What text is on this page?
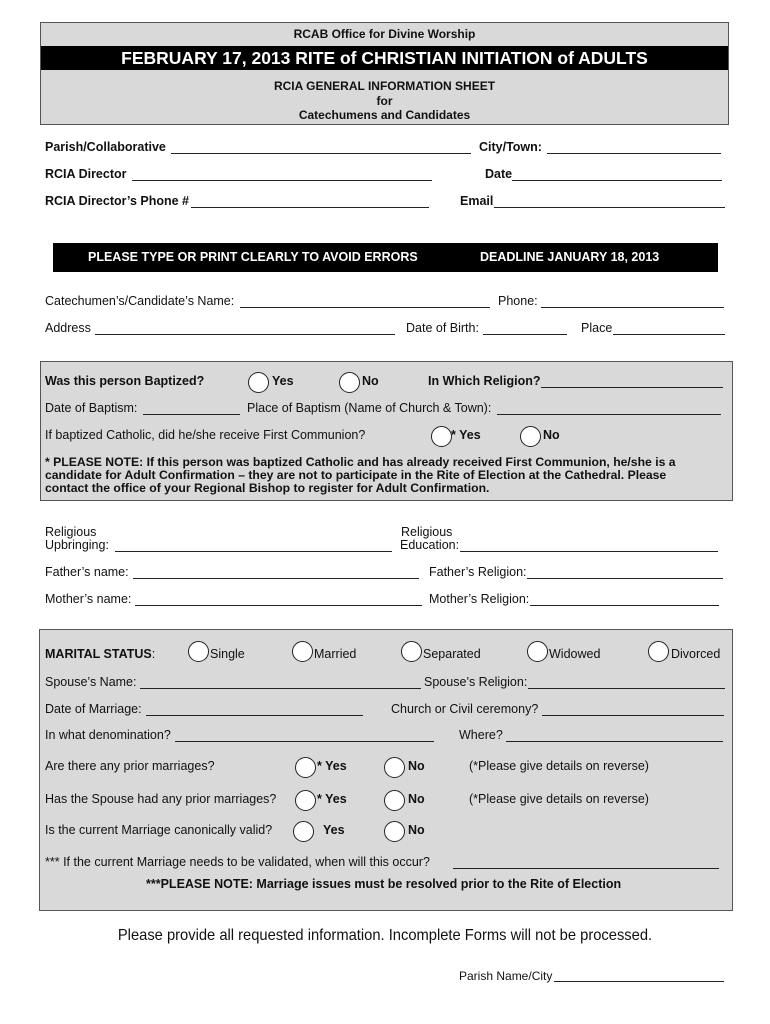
RCAB Office for Divine Worship
FEBRUARY 17, 2013 RITE of CHRISTIAN INITIATION of ADULTS
RCIA GENERAL INFORMATION SHEET
for
Catechumens and Candidates
Parish/Collaborative	City/Town:
RCIA Director	Date
RCIA Director’s Phone #	Email
PLEASE TYPE OR PRINT CLEARLY TO AVOID ERRORS	DEADLINE JANUARY 18, 2013
Catechumen’s/Candidate’s Name:	Phone:
Address	Date of Birth:	Place
Was this person Baptized?	Yes	No	In Which Religion?
Date of Baptism:	Place of Baptism (Name of Church & Town):
If baptized Catholic, did he/she receive First Communion?	* Yes	No
* PLEASE NOTE: If this person was baptized Catholic and has already received First Communion, he/she is a
candidate for Adult Confirmation – they are not to participate in the Rite of Election at the Cathedral. Please
contact the office of your Regional Bishop to register for Adult Confirmation.
Religious
Upbringing:
Religious
Education:
Father’s name:	Father’s Religion:
Mother’s name:	Mother’s Religion:
MARITAL STATUS:	Single	Married	Separated	Widowed	Divorced
Spouse’s Name:	Spouse’s Religion:
Date of Marriage:	Church or Civil ceremony?
In what denomination?	Where?
Are there any prior marriages?	* Yes	No	(*Please give details on reverse)
Has the Spouse had any prior marriages?	* Yes	No	(*Please give details on reverse)
Is the current Marriage canonically valid?	Yes	No
*** If the current Marriage needs to be validated, when will this occur?
***PLEASE NOTE: Marriage issues must be resolved prior to the Rite of Election
Please provide all requested information. Incomplete Forms will not be processed.
Parish Name/City
